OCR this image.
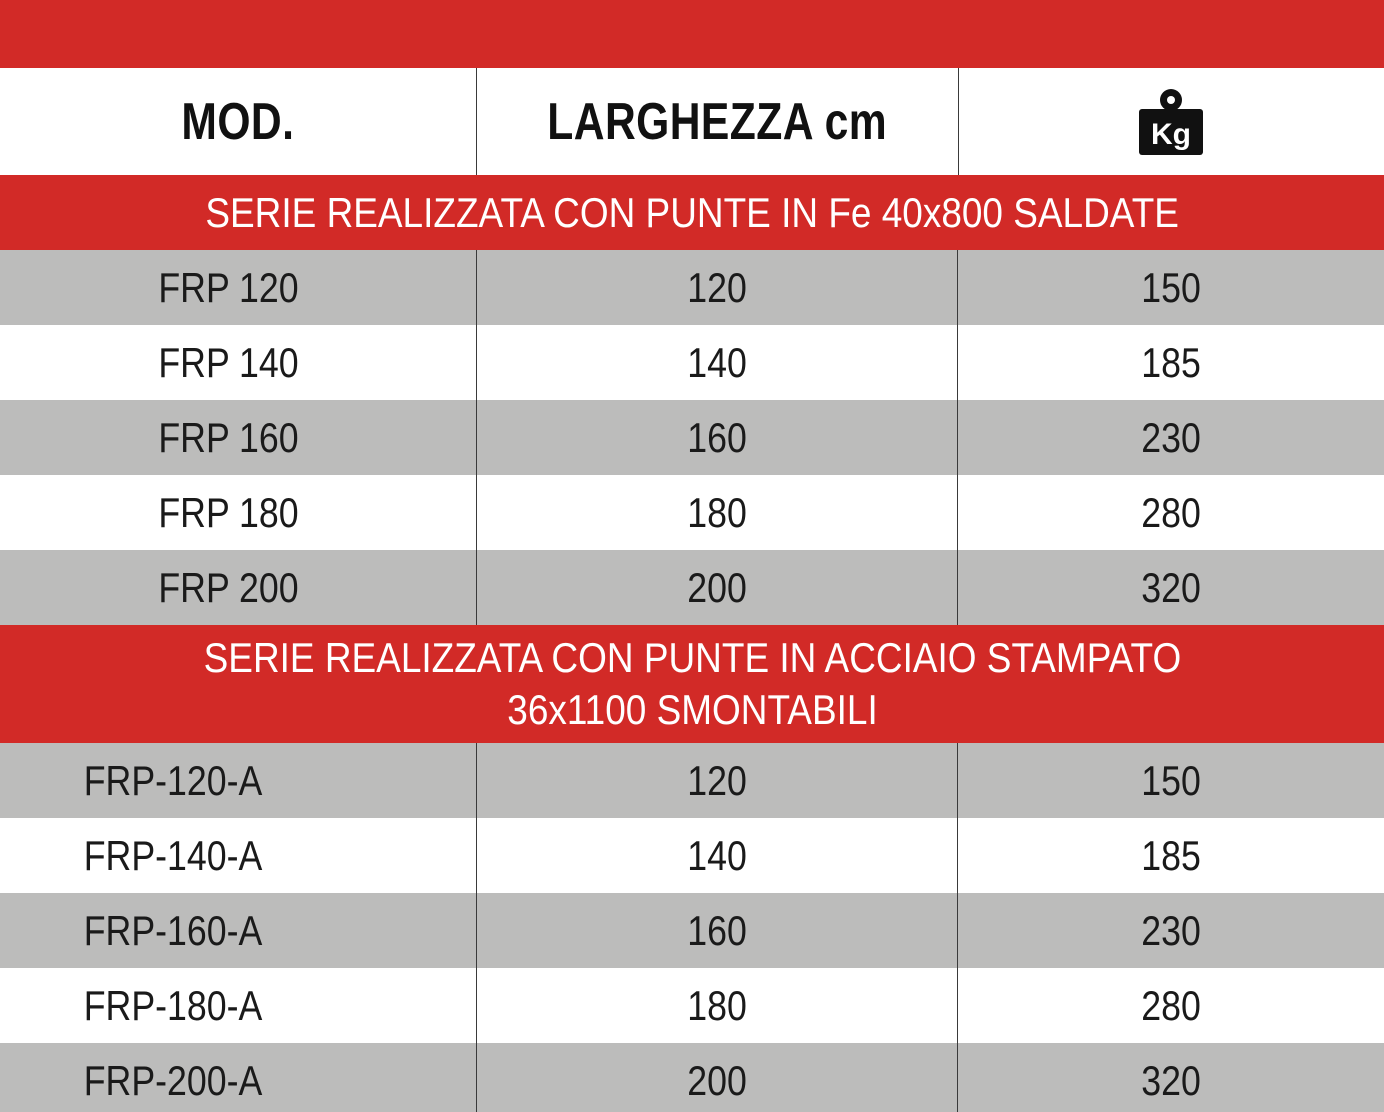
MOD.	LARGHEZZA cm	Kg
SERIE REALIZZATA CON PUNTE IN Fe 40x800 SALDATE
FRP 120	120	150
FRP 140	140	185
FRP 160	160	230
FRP 180	180	280
FRP 200	200	320
SERIE REALIZZATA CON PUNTE IN ACCIAIO STAMPATO
36x1100 SMONTABILI
FRP-120-A	120	150
FRP-140-A	140	185
FRP-160-A	160	230
FRP-180-A	180	280
FRP-200-A	200	320
